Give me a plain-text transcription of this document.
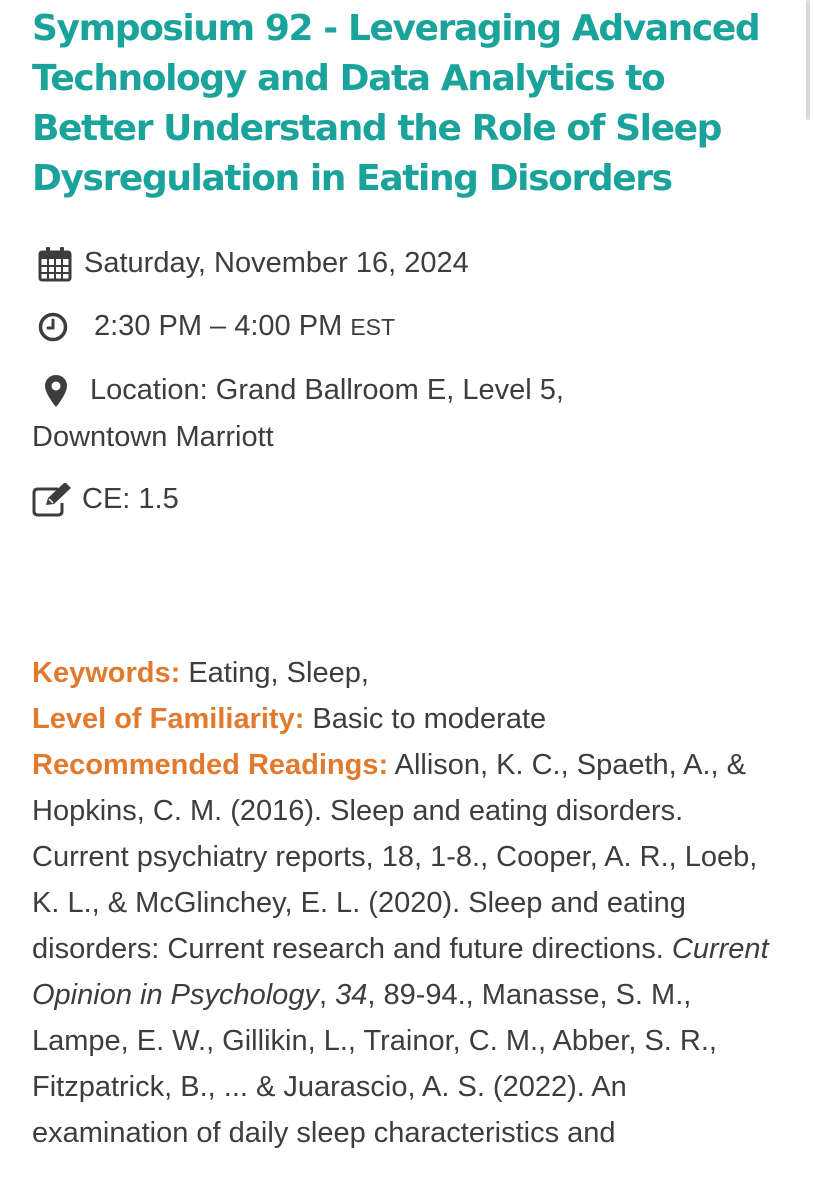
Symposium 92 - Leveraging Advanced Technology and Data Analytics to Better Understand the Role of Sleep Dysregulation in Eating Disorders
Saturday, November 16, 2024
2:30 PM – 4:00 PM EST
Location: Grand Ballroom E, Level 5,
Downtown Marriott
CE: 1.5

Keywords: Eating, Sleep,

Level of Familiarity: Basic to moderate

Recommended Readings: Allison, K. C., Spaeth, A., & Hopkins, C. M. (2016). Sleep and eating disorders. Current psychiatry reports, 18, 1-8., Cooper, A. R., Loeb, K. L., & McGlinchey, E. L. (2020). Sleep and eating disorders: Current research and future directions. Current Opinion in Psychology, 34, 89-94., Manasse, S. M., Lampe, E. W., Gillikin, L., Trainor, C. M., Abber, S. R., Fitzpatrick, B., ... & Juarascio, A. S. (2022). An examination of daily sleep characteristics and
